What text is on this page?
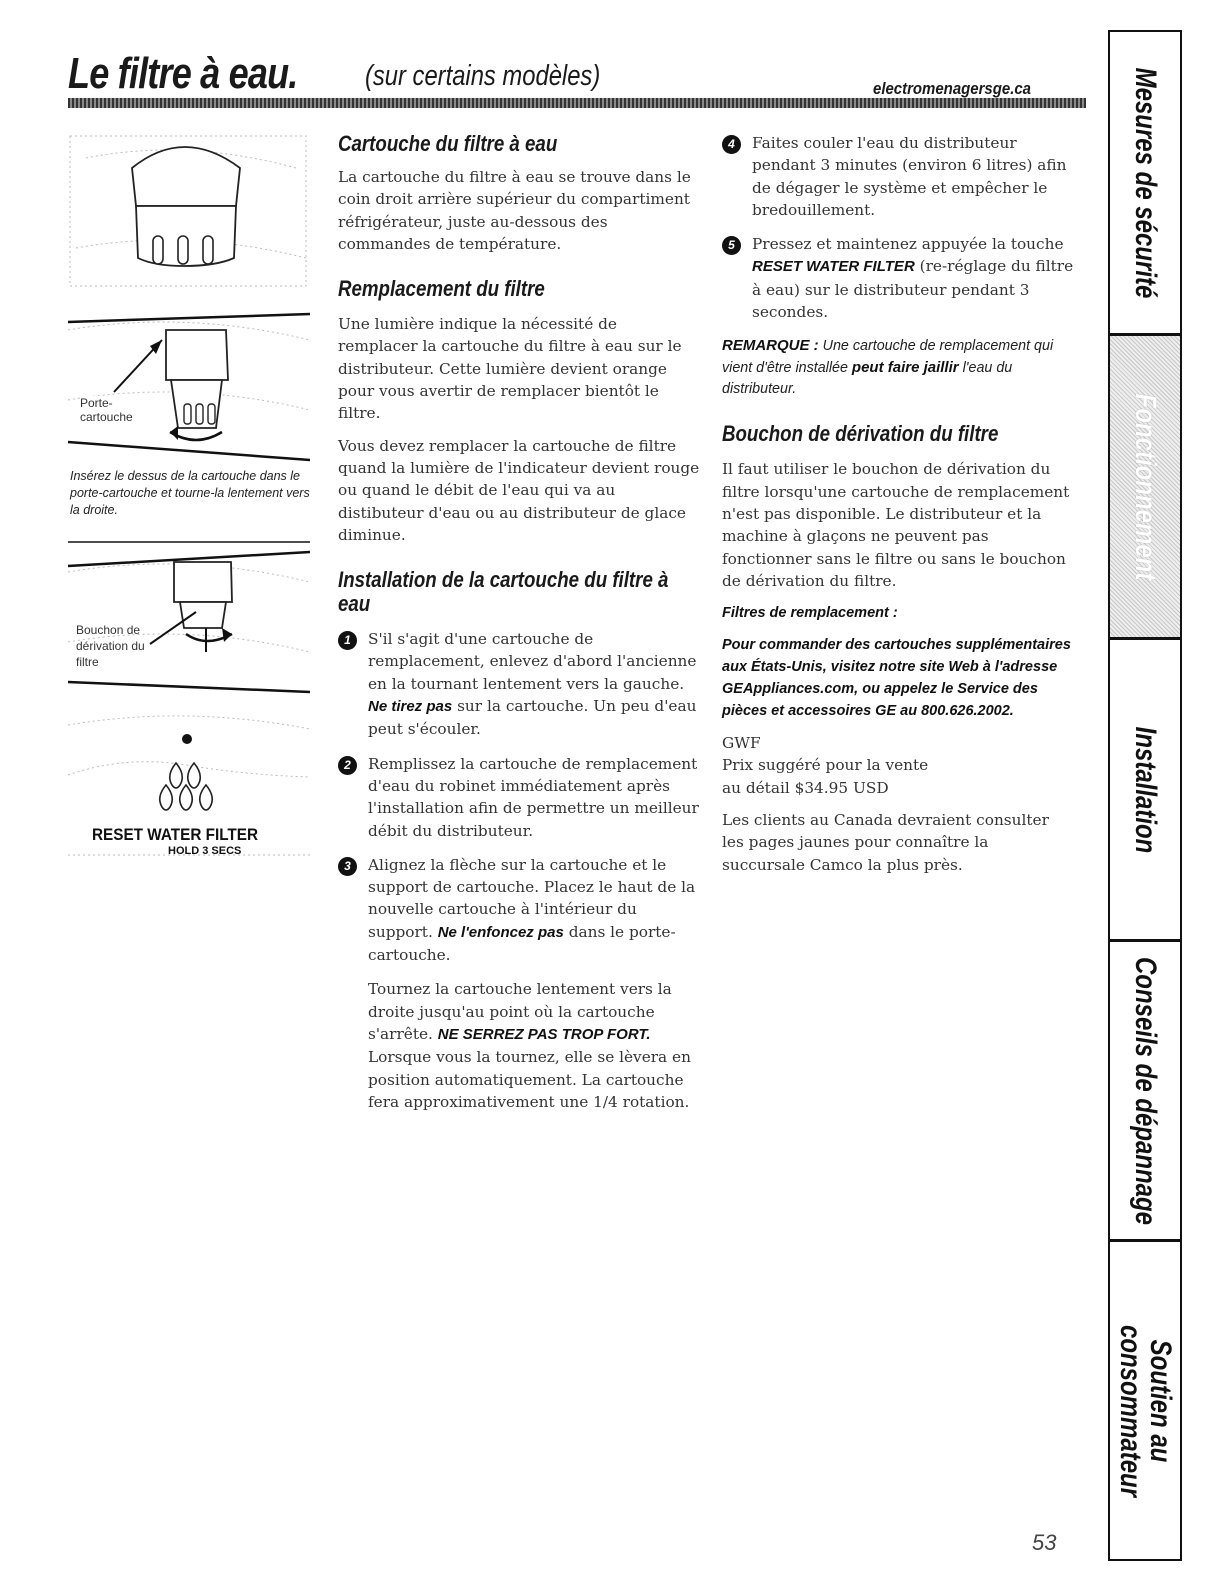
Le filtre à eau. (sur certains modèles)	electromenagersge.ca	Mesures de sécurité
Fonctionnement
Installation
Conseils de dépannage
Soutien au consommateur
Porte-cartouche
Insérez le dessus de la cartouche dans le porte-cartouche et tourne-la lentement vers la droite.
Bouchon de dérivation du filtre
RESET WATER FILTER
HOLD 3 SECS
Cartouche du filtre à eau

La cartouche du filtre à eau se trouve dans le coin droit arrière supérieur du compartiment réfrigérateur, juste au-dessous des commandes de température.

Remplacement du filtre

Une lumière indique la nécessité de remplacer la cartouche du filtre à eau sur le distributeur. Cette lumière devient orange pour vous avertir de remplacer bientôt le filtre.

Vous devez remplacer la cartouche de filtre quand la lumière de l'indicateur devient rouge ou quand le débit de l'eau qui va au distibuteur d'eau ou au distributeur de glace diminue.

Installation de la cartouche du filtre à eau
1	S'il s'agit d'une cartouche de remplacement, enlevez d'abord l'ancienne en la tournant lentement vers la gauche. Ne tirez pas sur la cartouche. Un peu d'eau peut s'écouler.
2	Remplissez la cartouche de remplacement d'eau du robinet immédiatement après l'installation afin de permettre un meilleur débit du distributeur.
3	Alignez la flèche sur la cartouche et le support de cartouche. Placez le haut de la nouvelle cartouche à l'intérieur du support. Ne l'enfoncez pas dans le porte-cartouche.

Tournez la cartouche lentement vers la droite jusqu'au point où la cartouche s'arrête. NE SERREZ PAS TROP FORT. Lorsque vous la tournez, elle se lèvera en position automatiquement. La cartouche fera approximativement une 1/4 rotation.

4	Faites couler l'eau du distributeur pendant 3 minutes (environ 6 litres) afin de dégager le système et empêcher le bredouillement.
5	Pressez et maintenez appuyée la touche RESET WATER FILTER (re-réglage du filtre à eau) sur le distributeur pendant 3 secondes.

REMARQUE : Une cartouche de remplacement qui vient d'être installée peut faire jaillir l'eau du distributeur.

Bouchon de dérivation du filtre

Il faut utiliser le bouchon de dérivation du filtre lorsqu'une cartouche de remplacement n'est pas disponible. Le distributeur et la machine à glaçons ne peuvent pas fonctionner sans le filtre ou sans le bouchon de dérivation du filtre.

Filtres de remplacement :

Pour commander des cartouches supplémentaires aux États-Unis, visitez notre site Web à l'adresse GEAppliances.com, ou appelez le Service des pièces et accessoires GE au 800.626.2002.

GWF

Prix suggéré pour la vente

au détail $34.95 USD

Les clients au Canada devraient consulter les pages jaunes pour connaître la succursale Camco la plus près.

53
